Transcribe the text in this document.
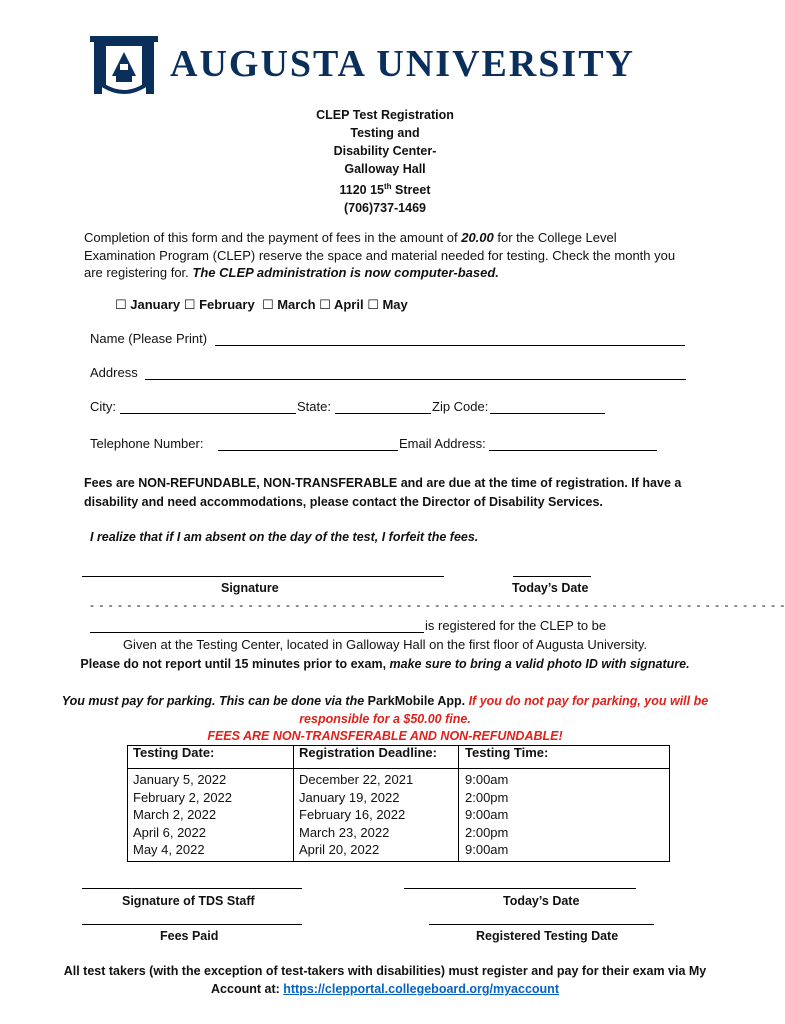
AUGUSTA UNIVERSITY
CLEP Test Registration
Testing and
Disability Center-
Galloway Hall
1120 15th Street
(706)737-1469
Completion of this form and the payment of fees in the amount of 20.00 for the College Level Examination Program (CLEP) reserve the space and material needed for testing. Check the month you are registering for. The CLEP administration is now computer-based.
☐ January ☐ February ☐ March ☐ April ☐ May
Name (Please Print)
Address
City:	State:	Zip Code:
Telephone Number:	Email Address:
Fees are NON-REFUNDABLE, NON-TRANSFERABLE and are due at the time of registration. If have a disability and need accommodations, please contact the Director of Disability Services.
I realize that if I am absent on the day of the test, I forfeit the fees.
Signature	Today’s Date
- - - - - - - - - - - - - - - - - - - - - - - - - - - - - - - - - - - - - - - - - - - - - - - - - - - - - - - - - - - - - - - - - - - - - - - - - - -
is registered for the CLEP to be
Given at the Testing Center, located in Galloway Hall on the first floor of Augusta University.
Please do not report until 15 minutes prior to exam, make sure to bring a valid photo ID with signature.
You must pay for parking. This can be done via the ParkMobile App. If you do not pay for parking, you will be responsible for a $50.00 fine.
FEES ARE NON-TRANSFERABLE AND NON-REFUNDABLE!
Testing Date:	Registration Deadline:	Testing Time:
January 5, 2022	December 22, 2021	9:00am
February 2, 2022	January 19, 2022	2:00pm
March 2, 2022	February 16, 2022	9:00am
April 6, 2022	March 23, 2022	2:00pm
May 4, 2022	April 20, 2022	9:00am
Signature of TDS Staff	Today’s Date
Fees Paid	Registered Testing Date
All test takers (with the exception of test-takers with disabilities) must register and pay for their exam via My Account at: https://clepportal.collegeboard.org/myaccount
